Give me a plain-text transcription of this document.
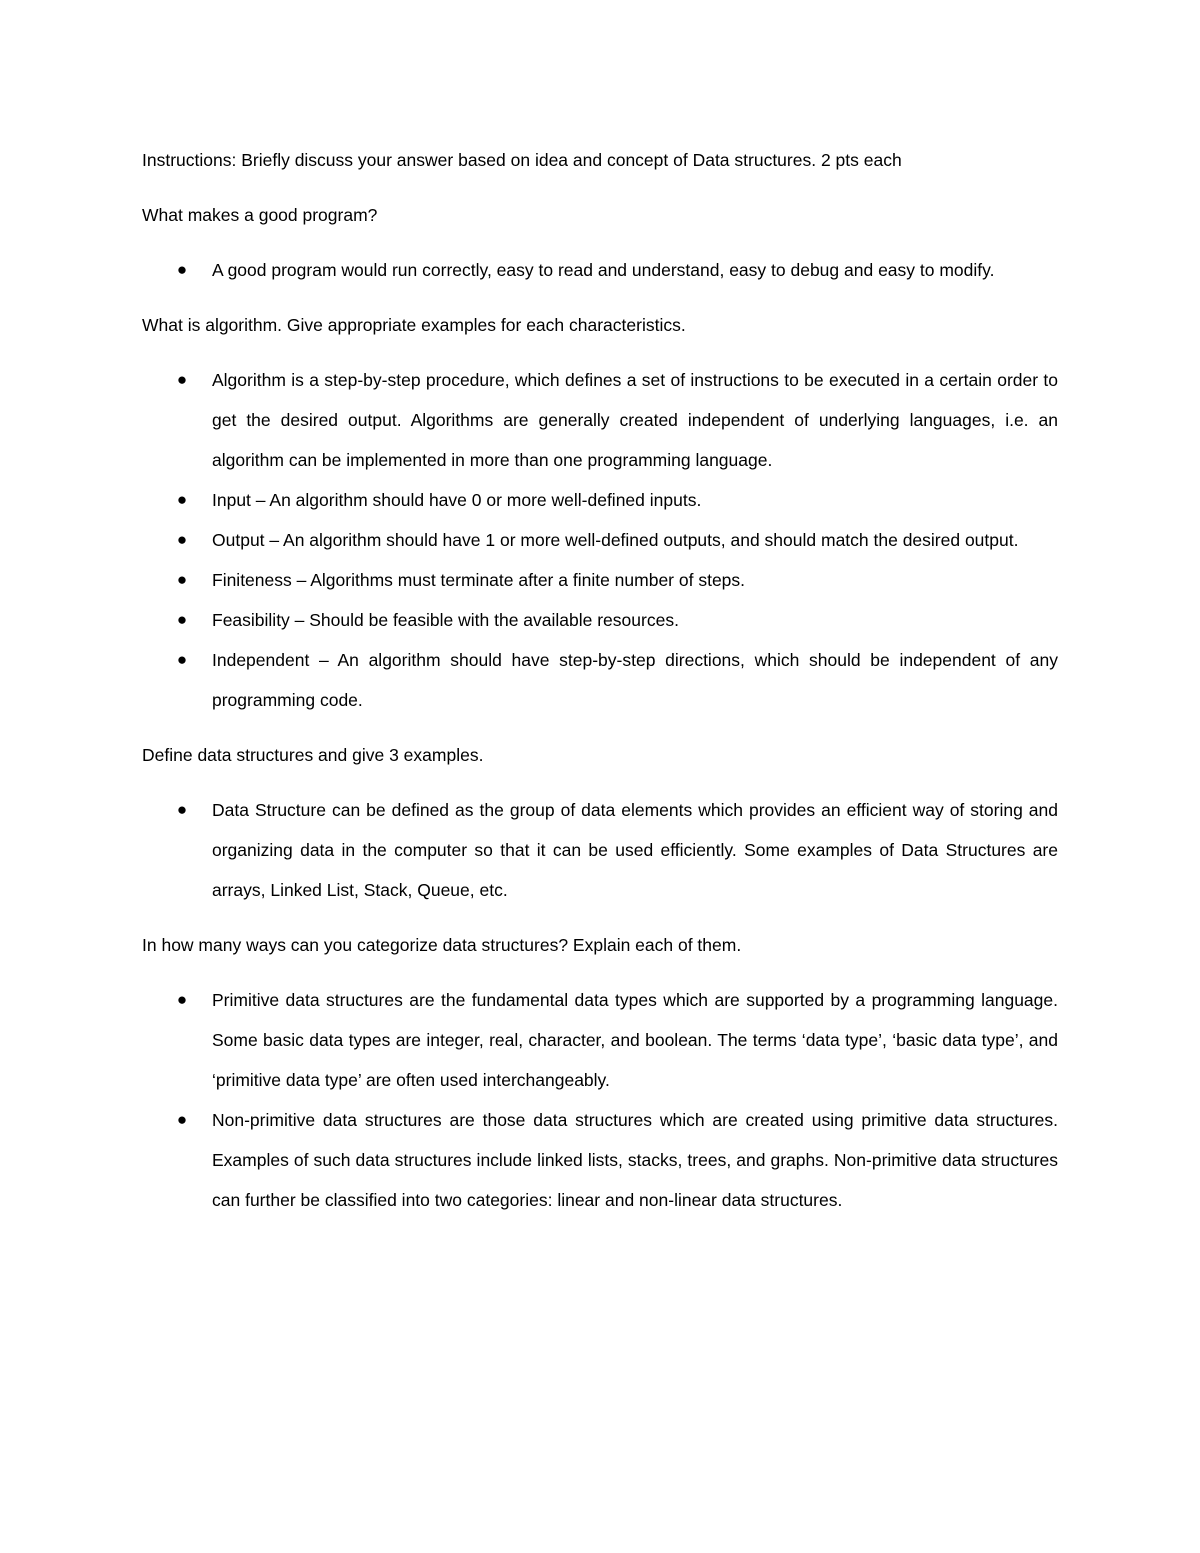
Instructions: Briefly discuss your answer based on idea and concept of Data structures. 2 pts each

What makes a good program?

● A good program would run correctly, easy to read and understand, easy to debug and easy to modify.

What is algorithm. Give appropriate examples for each characteristics.

● Algorithm is a step-by-step procedure, which defines a set of instructions to be executed in a certain order to get the desired output. Algorithms are generally created independent of underlying languages, i.e. an algorithm can be implemented in more than one programming language.
● Input – An algorithm should have 0 or more well-defined inputs.
● Output – An algorithm should have 1 or more well-defined outputs, and should match the desired output.
● Finiteness – Algorithms must terminate after a finite number of steps.
● Feasibility – Should be feasible with the available resources.
● Independent – An algorithm should have step-by-step directions, which should be independent of any programming code.

Define data structures and give 3 examples.

● Data Structure can be defined as the group of data elements which provides an efficient way of storing and organizing data in the computer so that it can be used efficiently. Some examples of Data Structures are arrays, Linked List, Stack, Queue, etc.

In how many ways can you categorize data structures? Explain each of them.

● Primitive data structures are the fundamental data types which are supported by a programming language. Some basic data types are integer, real, character, and boolean. The terms ‘data type’, ‘basic data type’, and ‘primitive data type’ are often used interchangeably.
● Non-primitive data structures are those data structures which are created using primitive data structures. Examples of such data structures include linked lists, stacks, trees, and graphs. Non-primitive data structures can further be classified into two categories: linear and non-linear data structures.
